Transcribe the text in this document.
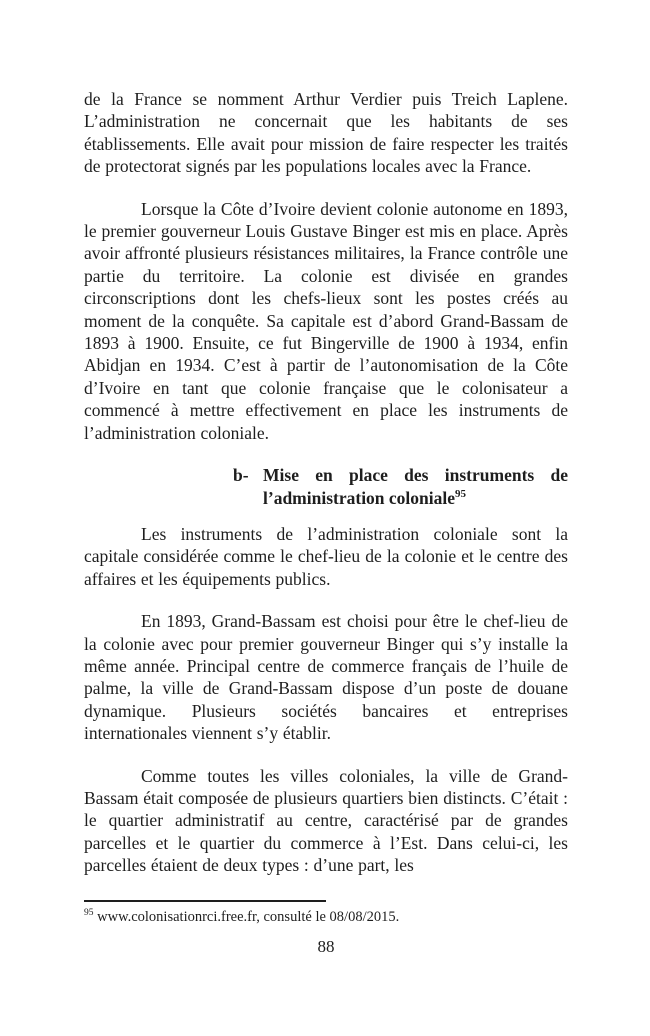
de la France se nomment Arthur Verdier puis Treich Laplene. L’administration ne concernait que les habitants de ses établissements. Elle avait pour mission de faire respecter les traités de protectorat signés par les populations locales avec la France.

Lorsque la Côte d’Ivoire devient colonie autonome en 1893, le premier gouverneur Louis Gustave Binger est mis en place. Après avoir affronté plusieurs résistances militaires, la France contrôle une partie du territoire. La colonie est divisée en grandes circonscriptions dont les chefs-lieux sont les postes créés au moment de la conquête. Sa capitale est d’abord Grand-Bassam de 1893 à 1900. Ensuite, ce fut Bingerville de 1900 à 1934, enfin Abidjan en 1934. C’est à partir de l’autonomisation de la Côte d’Ivoire en tant que colonie française que le colonisateur a commencé à mettre effectivement en place les instruments de l’administration coloniale.

b- Mise en place des instruments de l’administration coloniale$^{95}$

Les instruments de l’administration coloniale sont la capitale considérée comme le chef-lieu de la colonie et le centre des affaires et les équipements publics.

En 1893, Grand-Bassam est choisi pour être le chef-lieu de la colonie avec pour premier gouverneur Binger qui s’y installe la même année. Principal centre de commerce français de l’huile de palme, la ville de Grand-Bassam dispose d’un poste de douane dynamique. Plusieurs sociétés bancaires et entreprises internationales viennent s’y établir.

Comme toutes les villes coloniales, la ville de Grand-Bassam était composée de plusieurs quartiers bien distincts. C’était : le quartier administratif au centre, caractérisé par de grandes parcelles et le quartier du commerce à l’Est. Dans celui-ci, les parcelles étaient de deux types : d’une part, les

$^{95}$ www.colonisationrci.free.fr, consulté le 08/08/2015.
88
